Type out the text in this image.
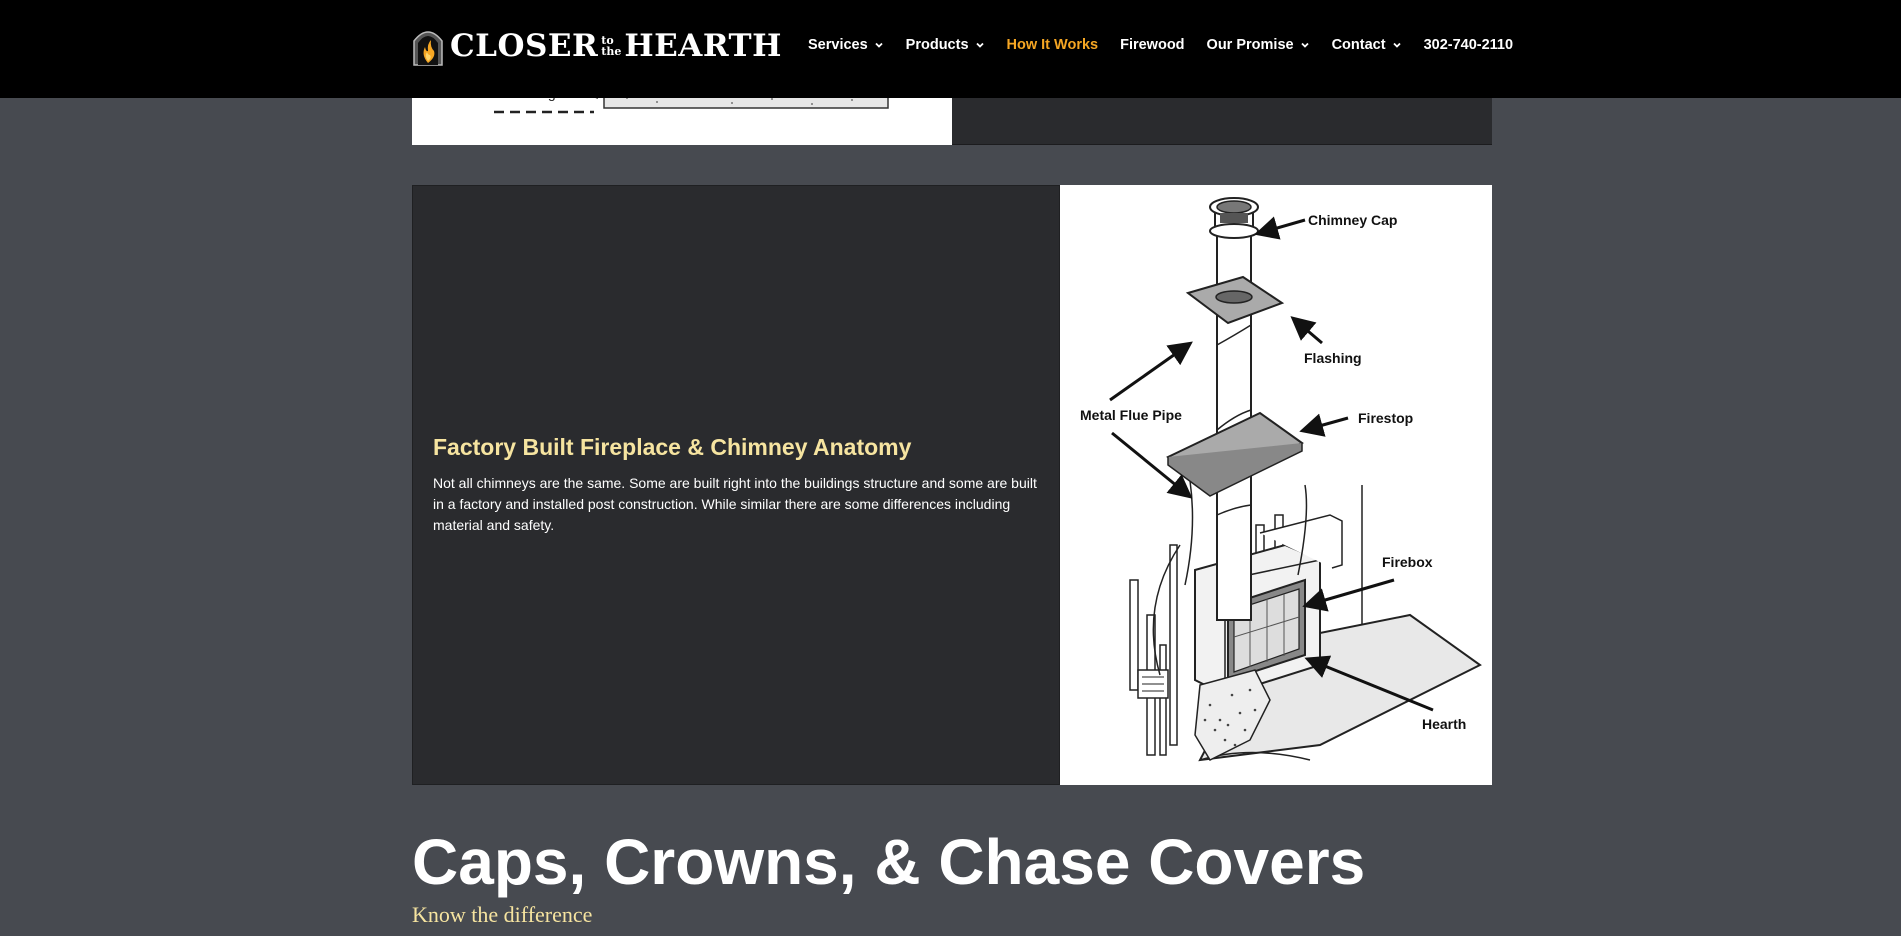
CLOSER to
the HEARTH Services	Products	How It Works Firewood Our Promise	Contact	302-740-2110
Factory Built Fireplace & Chimney Anatomy

Not all chimneys are the same. Some are built right into the buildings structure and some are built in a factory and installed post construction. While similar there are some differences including material and safety.

Chimney Cap
Flashing
Metal Flue Pipe	Firestop
Firebox
Hearth
Caps, Crowns, & Chase Covers
Know the difference
